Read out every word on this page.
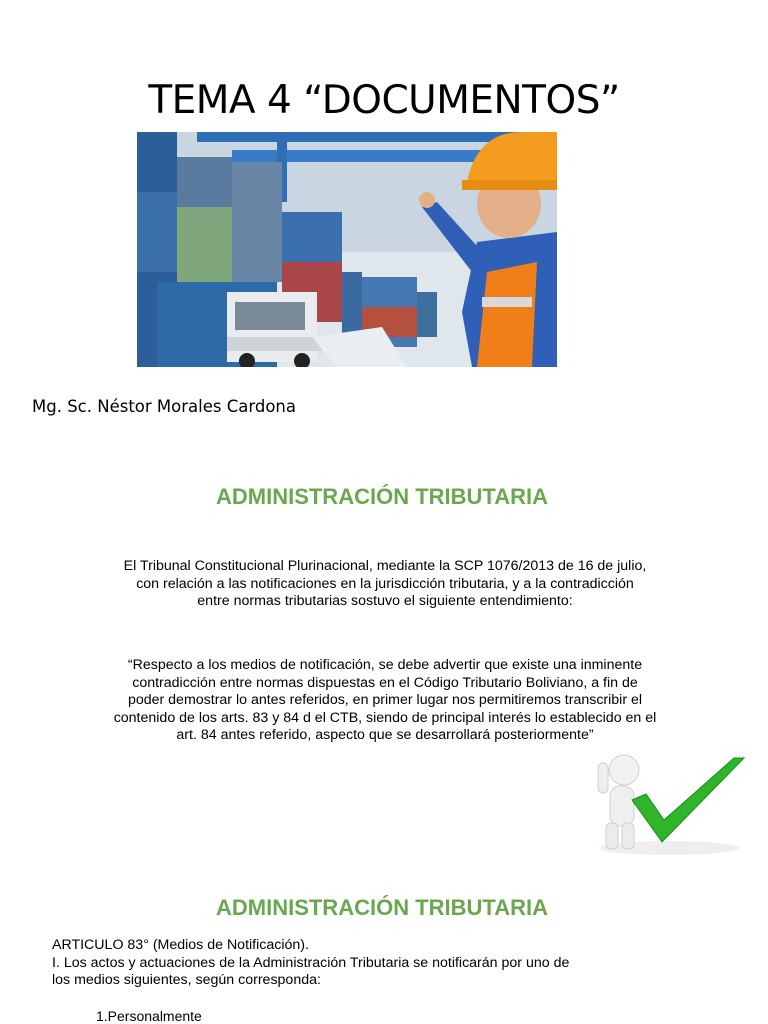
TEMA 4 “DOCUMENTOS”
Mg. Sc. Néstor Morales Cardona
ADMINISTRACIÓN TRIBUTARIA
El Tribunal Constitucional Plurinacional, mediante la SCP 1076/2013 de 16 de julio,
con relación a las notificaciones en la jurisdicción tributaria, y a la contradicción
entre normas tributarias sostuvo el siguiente entendimiento:
“Respecto a los medios de notificación, se debe advertir que existe una inminente
contradicción entre normas dispuestas en el Código Tributario Boliviano, a fin de
poder demostrar lo antes referidos, en primer lugar nos permitiremos transcribir el
contenido de los arts. 83 y 84 d el CTB, siendo de principal interés lo establecido en el
art. 84 antes referido, aspecto que se desarrollará posteriormente”
ADMINISTRACIÓN TRIBUTARIA
ARTICULO 83° (Medios de Notificación).
I. Los actos y actuaciones de la Administración Tributaria se notificarán por uno de
los medios siguientes, según corresponda:
1.Personalmente
